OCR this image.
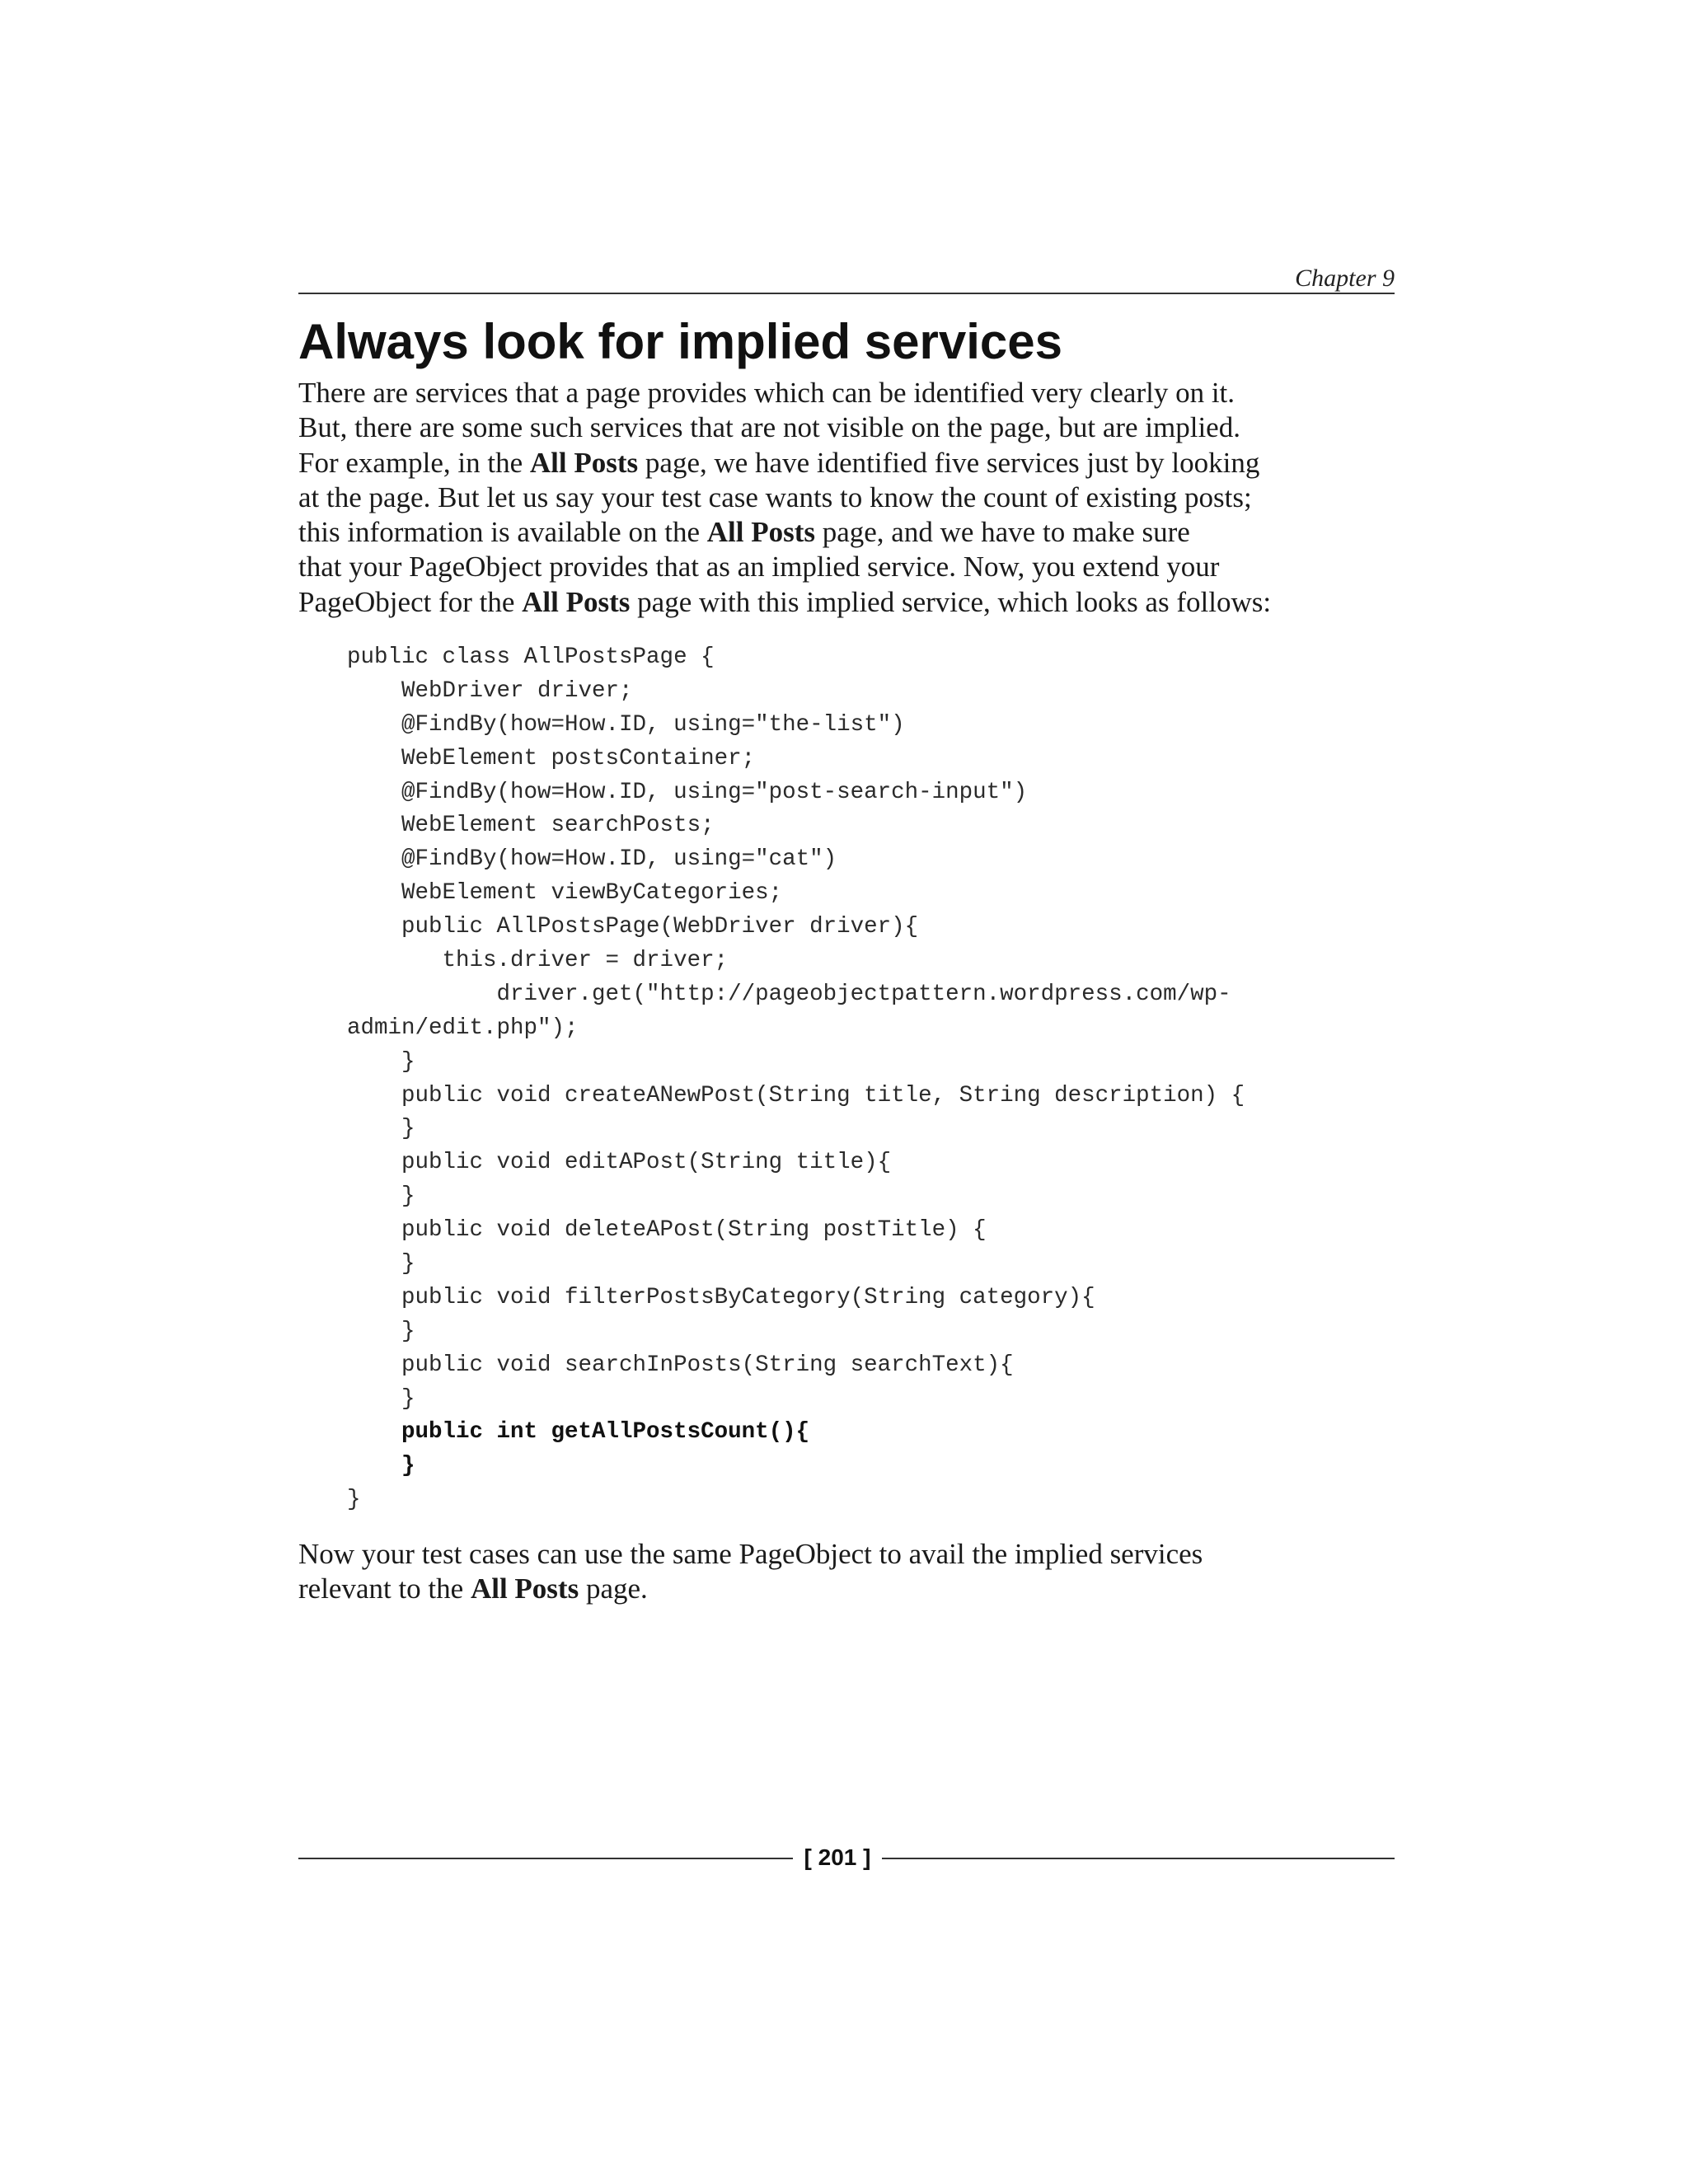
Chapter 9
Always look for implied services
There are services that a page provides which can be identified very clearly on it.
But, there are some such services that are not visible on the page, but are implied.
For example, in the All Posts page, we have identified five services just by looking
at the page. But let us say your test case wants to know the count of existing posts;
this information is available on the All Posts page, and we have to make sure
that your PageObject provides that as an implied service. Now, you extend your
PageObject for the All Posts page with this implied service, which looks as follows:
public class AllPostsPage {
WebDriver driver;
@FindBy(how=How.ID, using="the-list")
WebElement postsContainer;
@FindBy(how=How.ID, using="post-search-input")
WebElement searchPosts;
@FindBy(how=How.ID, using="cat")
WebElement viewByCategories;
public AllPostsPage(WebDriver driver){
this.driver = driver;
driver.get("http://pageobjectpattern.wordpress.com/wp-
admin/edit.php");
}
public void createANewPost(String title, String description) {
}
public void editAPost(String title){
}
public void deleteAPost(String postTitle) {
}
public void filterPostsByCategory(String category){
}
public void searchInPosts(String searchText){
}
public int getAllPostsCount(){
}
}
Now your test cases can use the same PageObject to avail the implied services
relevant to the All Posts page.
[ 201 ]
